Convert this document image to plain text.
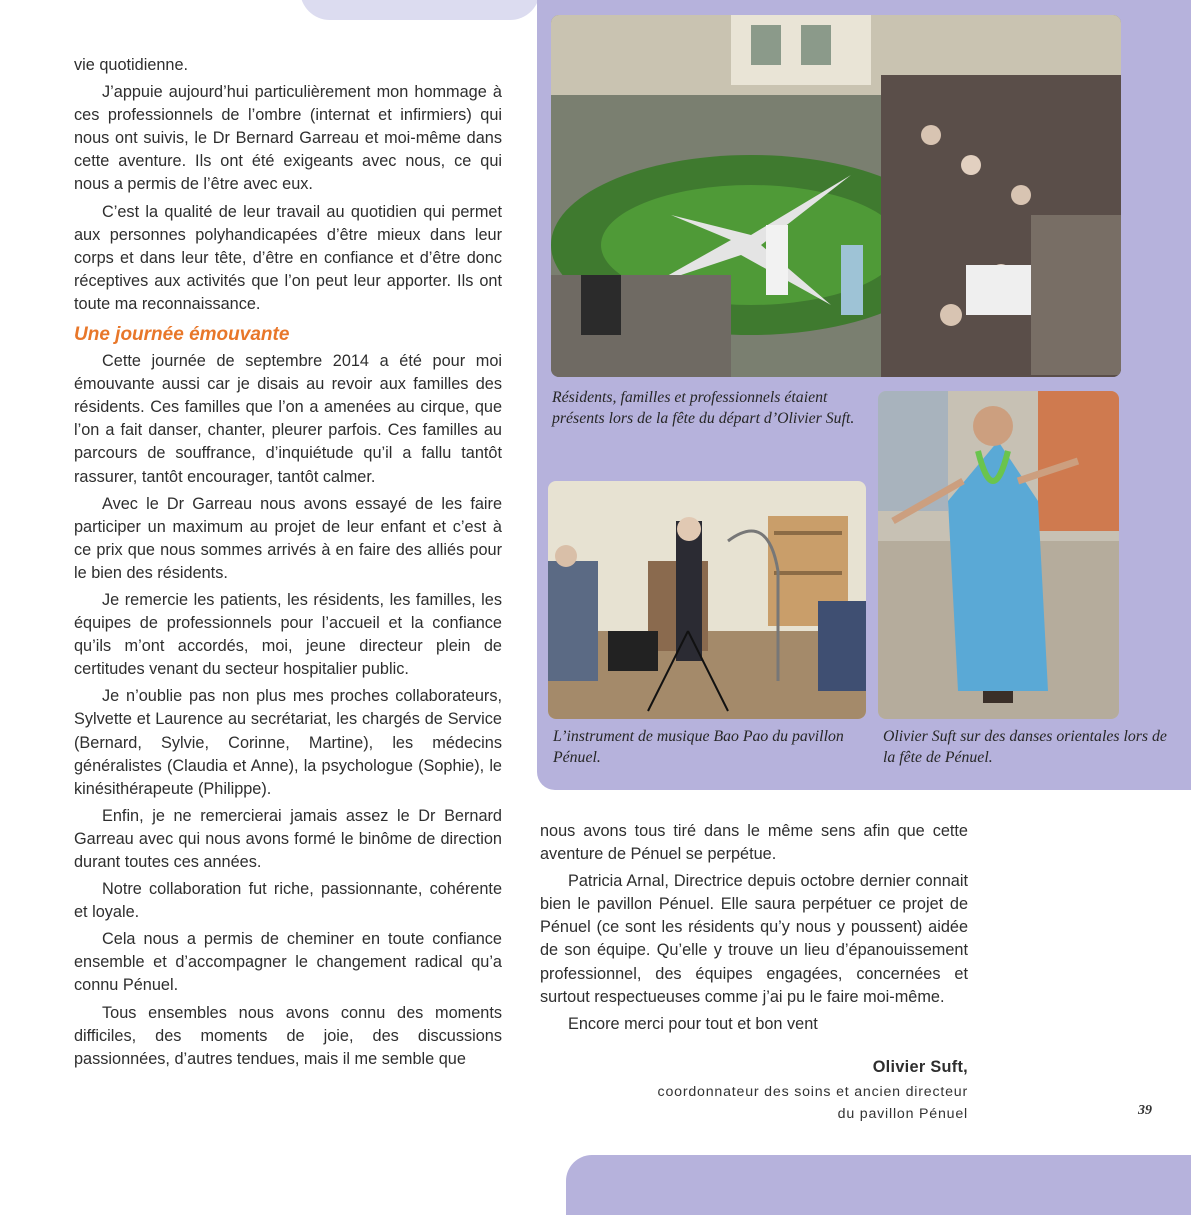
vie quotidienne.

J’appuie aujourd’hui particulièrement mon hommage à ces professionnels de l’ombre (internat et infirmiers) qui nous ont suivis, le Dr Bernard Garreau et moi-même dans cette aventure. Ils ont été exigeants avec nous, ce qui nous a permis de l’être avec eux.

C’est la qualité de leur travail au quotidien qui permet aux personnes polyhandicapées d’être mieux dans leur corps et dans leur tête, d’être en confiance et d’être donc réceptives aux activités que l’on peut leur apporter. Ils ont toute ma reconnaissance.

Une journée émouvante

Cette journée de septembre 2014 a été pour moi émouvante aussi car je disais au revoir aux familles des résidents. Ces familles que l’on a amenées au cirque, que l’on a fait danser, chanter, pleurer parfois. Ces familles au parcours de souffrance, d’inquiétude qu’il a fallu tantôt rassurer, tantôt encourager, tantôt calmer.

Avec le Dr Garreau nous avons essayé de les faire participer un maximum au projet de leur enfant et c’est à ce prix que nous sommes arrivés à en faire des alliés pour le bien des résidents.

Je remercie les patients, les résidents, les familles, les équipes de professionnels pour l’accueil et la confiance qu’ils m’ont accordés, moi, jeune directeur plein de certitudes venant du secteur hospitalier public.

Je n’oublie pas non plus mes proches collaborateurs, Sylvette et Laurence au secrétariat, les chargés de Service (Bernard, Sylvie, Corinne, Martine), les médecins généralistes (Claudia et Anne), la psychologue (Sophie), le kinésithérapeute (Philippe).

Enfin, je ne remercierai jamais assez le Dr Bernard Garreau avec qui nous avons formé le binôme de direction durant toutes ces années.

Notre collaboration fut riche, passionnante, cohérente et loyale.

Cela nous a permis de cheminer en toute confiance ensemble et d’accompagner le changement radical qu’a connu Pénuel.

Tous ensembles nous avons connu des moments difficiles, des moments de joie, des discussions passionnées, d’autres tendues, mais il me semble que

Résidents, familles et professionnels étaient présents lors de la fête du départ d’Olivier Suft.
L’instrument de musique Bao Pao du pavillon Pénuel.
Olivier Suft sur des danses orientales lors de la fête de Pénuel.

nous avons tous tiré dans le même sens afin que cette aventure de Pénuel se perpétue.

Patricia Arnal, Directrice depuis octobre dernier connait bien le pavillon Pénuel. Elle saura perpétuer ce projet de Pénuel (ce sont les résidents qu’y nous y poussent) aidée de son équipe. Qu’elle y trouve un lieu d’épanouissement professionnel, des équipes engagées, concernées et surtout respectueuses comme j’ai pu le faire moi-même.

Encore merci pour tout et bon vent

Olivier Suft,
coordonnateur des soins et ancien directeur
du pavillon Pénuel	39
